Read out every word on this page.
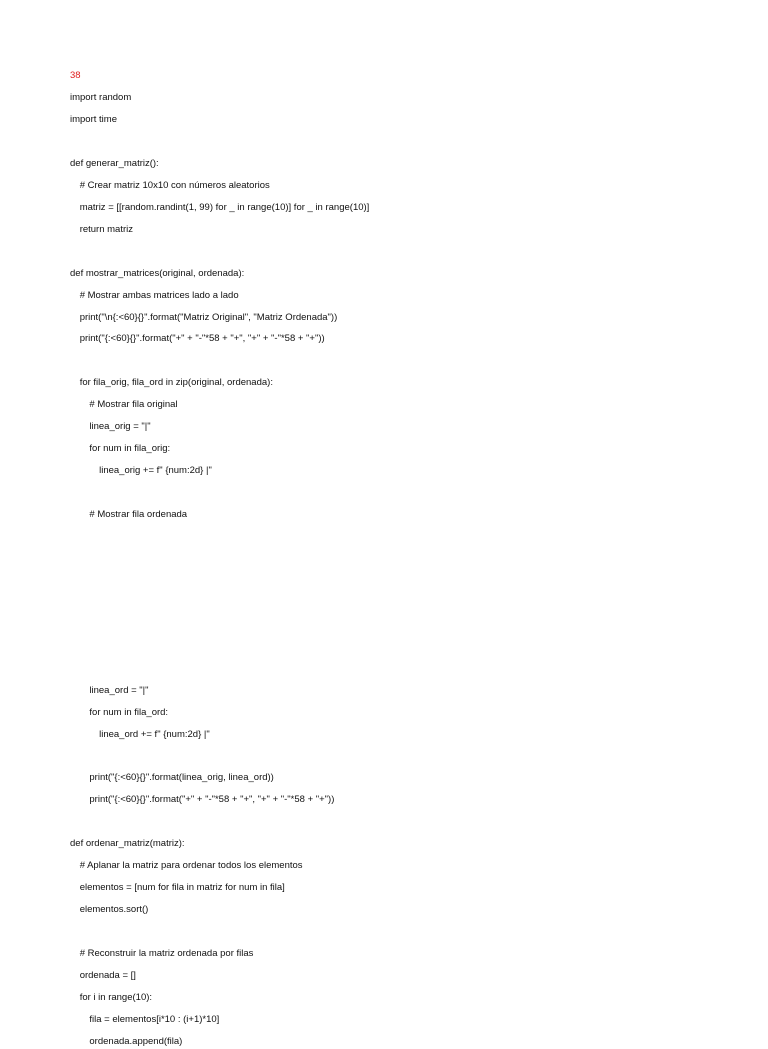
38
import random
import time
def generar_matriz():
# Crear matriz 10x10 con números aleatorios
matriz = [[random.randint(1, 99) for _ in range(10)] for _ in range(10)]
return matriz
def mostrar_matrices(original, ordenada):
# Mostrar ambas matrices lado a lado
print("\n{:<60}{}".format("Matriz Original", "Matriz Ordenada"))
print("{:<60}{}".format("+" + "-"*58 + "+", "+" + "-"*58 + "+"))
for fila_orig, fila_ord in zip(original, ordenada):
# Mostrar fila original
linea_orig = "|"
for num in fila_orig:
linea_orig += f" {num:2d} |"
# Mostrar fila ordenada
linea_ord = "|"
for num in fila_ord:
linea_ord += f" {num:2d} |"
print("{:<60}{}".format(linea_orig, linea_ord))
print("{:<60}{}".format("+" + "-"*58 + "+", "+" + "-"*58 + "+"))
def ordenar_matriz(matriz):
# Aplanar la matriz para ordenar todos los elementos
elementos = [num for fila in matriz for num in fila]
elementos.sort()
# Reconstruir la matriz ordenada por filas
ordenada = []
for i in range(10):
fila = elementos[i*10 : (i+1)*10]
ordenada.append(fila)
